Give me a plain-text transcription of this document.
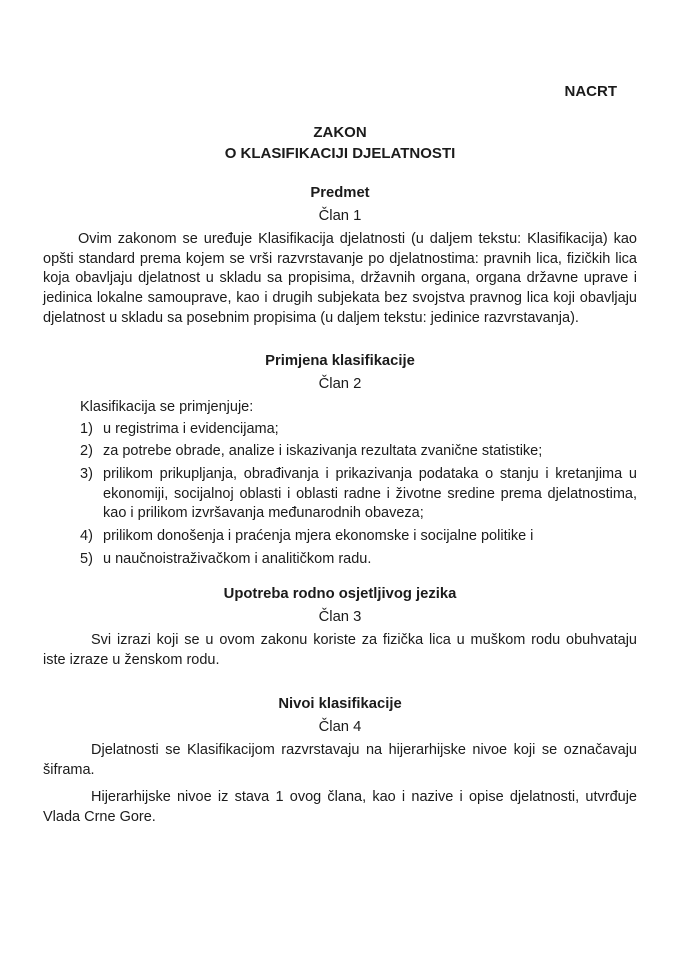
NACRT
ZAKON
O KLASIFIKACIJI DJELATNOSTI
Predmet
Član 1
Ovim zakonom se uređuje Klasifikacija djelatnosti (u daljem tekstu: Klasifikacija) kao opšti standard prema kojem se vrši razvrstavanje po djelatnostima: pravnih lica, fizičkih lica koja obavljaju djelatnost u skladu sa propisima, državnih organa, organa državne uprave i jedinica lokalne samouprave, kao i drugih subjekata bez svojstva pravnog lica koji obavljaju djelatnost u skladu sa posebnim propisima (u daljem tekstu: jedinice razvrstavanja).
Primjena klasifikacije
Član 2
Klasifikacija se primjenjuje:
1) u registrima i evidencijama;
2) za potrebe obrade, analize i iskazivanja rezultata zvanične statistike;
3) prilikom prikupljanja, obrađivanja i prikazivanja podataka o stanju i kretanjima u ekonomiji, socijalnoj oblasti i oblasti radne i životne sredine prema djelatnostima, kao i prilikom izvršavanja međunarodnih obaveza;
4) prilikom donošenja i praćenja mjera ekonomske i socijalne politike i
5) u naučnoistraživačkom i analitičkom radu.
Upotreba rodno osjetljivog jezika
Član 3
Svi izrazi koji se u ovom zakonu koriste za fizička lica u muškom rodu obuhvataju iste izraze u ženskom rodu.
Nivoi klasifikacije
Član 4
Djelatnosti se Klasifikacijom razvrstavaju na hijerarhijske nivoe koji se označavaju šiframa.
Hijerarhijske nivoe iz stava 1 ovog člana, kao i nazive i opise djelatnosti, utvrđuje Vlada Crne Gore.
